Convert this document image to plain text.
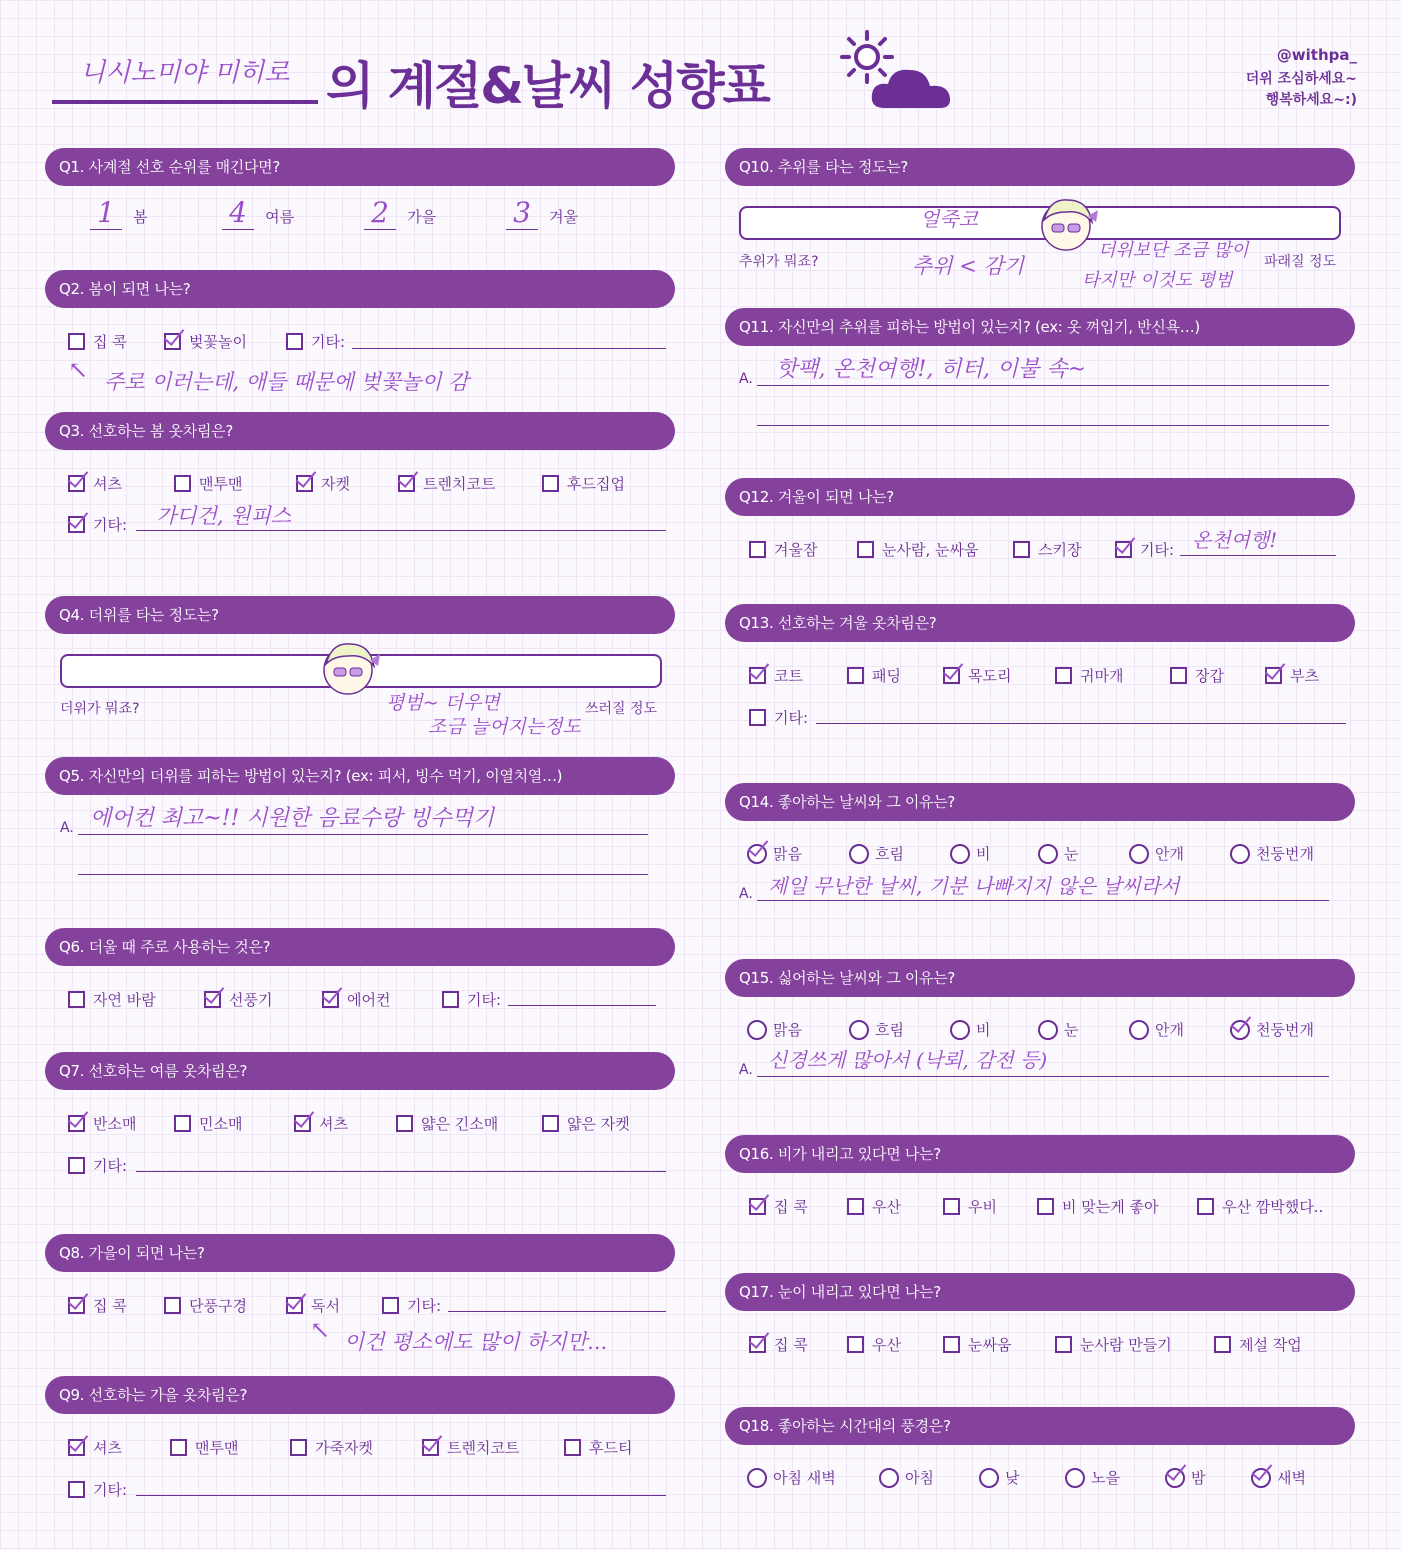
니시노미야 미히로 의 계절&날씨 성향표
@withpa_
더위 조심하세요~
행복하세요~:)
Q1. 사계절 선호 순위를 매긴다면?
1 봄	4 여름	2 가을	3 겨울
Q2. 봄이 되면 나는?
집 콕	벚꽃놀이	기타:
↖ 주로 이러는데, 애들 때문에 벚꽃놀이 감
Q3. 선호하는 봄 옷차림은?
셔츠	맨투맨	자켓	트렌치코트	후드집업
기타: 가디건, 원피스
Q4. 더위를 타는 정도는?
더위가 뭐죠?	쓰러질 정도
평범~ 더우면
조금 늘어지는정도
Q5. 자신만의 더위를 피하는 방법이 있는지? (ex: 피서, 빙수 먹기, 이열치열…)
A. 에어컨 최고~!! 시원한 음료수랑 빙수먹기
Q6. 더울 때 주로 사용하는 것은?
자연 바람	선풍기	에어컨	기타:
Q7. 선호하는 여름 옷차림은?
반소매	민소매	셔츠	얇은 긴소매	얇은 자켓
기타:
Q8. 가을이 되면 나는?
집 콕	단풍구경	독서	기타:
↖ 이건 평소에도 많이 하지만...
Q9. 선호하는 가을 옷차림은?
셔츠	맨투맨	가죽자켓	트렌치코트	후드티
기타:
Q10. 추위를 타는 정도는?
얼죽코
추위가 뭐죠?	파래질 정도
추위 < 감기
더위보단 조금 많이
타지만 이것도 평범
Q11. 자신만의 추위를 피하는 방법이 있는지? (ex: 옷 껴입기, 반신욕…)
A. 핫팩, 온천여행!, 히터, 이불 속~
Q12. 겨울이 되면 나는?
겨울잠	눈사람, 눈싸움	스키장	기타: 온천여행!
Q13. 선호하는 겨울 옷차림은?
코트	패딩	목도리	귀마개	장갑	부츠
기타:
Q14. 좋아하는 날씨와 그 이유는?
맑음	흐림	비	눈	안개	천둥번개
A. 제일 무난한 날씨, 기분 나빠지지 않은 날씨라서
Q15. 싫어하는 날씨와 그 이유는?
맑음	흐림	비	눈	안개	천둥번개
A. 신경쓰게 많아서 (낙뢰, 감전 등)
Q16. 비가 내리고 있다면 나는?
집 콕	우산	우비	비 맞는게 좋아	우산 깜박했다..
Q17. 눈이 내리고 있다면 나는?
집 콕	우산	눈싸움	눈사람 만들기	제설 작업
Q18. 좋아하는 시간대의 풍경은?
아침 새벽	아침	낮	노을	밤	새벽
